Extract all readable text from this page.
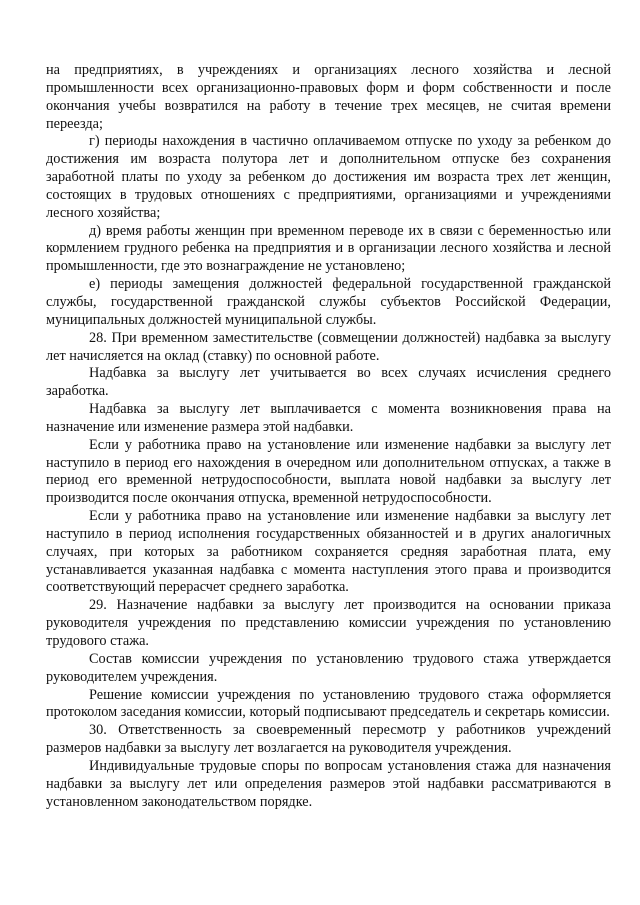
на предприятиях, в учреждениях и организациях лесного хозяйства и лесной промышленности всех организационно-правовых форм и форм собственности и после окончания учебы возвратился на работу в течение трех месяцев, не считая времени переезда;

г) периоды нахождения в частично оплачиваемом отпуске по уходу за ребенком до достижения им возраста полутора лет и дополнительном отпуске без сохранения заработной платы по уходу за ребенком до достижения им возраста трех лет женщин, состоящих в трудовых отношениях с предприятиями, организациями и учреждениями лесного хозяйства;

д) время работы женщин при временном переводе их в связи с беременностью или кормлением грудного ребенка на предприятия и в организации лесного хозяйства и лесной промышленности, где это вознаграждение не установлено;

е) периоды замещения должностей федеральной государственной гражданской службы, государственной гражданской службы субъектов Российской Федерации, муниципальных должностей муниципальной службы.

28. При временном заместительстве (совмещении должностей) надбавка за выслугу лет начисляется на оклад (ставку) по основной работе.

Надбавка за выслугу лет учитывается во всех случаях исчисления среднего заработка.

Надбавка за выслугу лет выплачивается с момента возникновения права на назначение или изменение размера этой надбавки.

Если у работника право на установление или изменение надбавки за выслугу лет наступило в период его нахождения в очередном или дополнительном отпусках, а также в период его временной нетрудоспособности, выплата новой надбавки за выслугу лет производится после окончания отпуска, временной нетрудоспособности.

Если у работника право на установление или изменение надбавки за выслугу лет наступило в период исполнения государственных обязанностей и в других аналогичных случаях, при которых за работником сохраняется средняя заработная плата, ему устанавливается указанная надбавка с момента наступления этого права и производится соответствующий перерасчет среднего заработка.

29. Назначение надбавки за выслугу лет производится на основании приказа руководителя учреждения по представлению комиссии учреждения по установлению трудового стажа.

Состав комиссии учреждения по установлению трудового стажа утверждается руководителем учреждения.

Решение комиссии учреждения по установлению трудового стажа оформляется протоколом заседания комиссии, который подписывают председатель и секретарь комиссии.

30. Ответственность за своевременный пересмотр у работников учреждений размеров надбавки за выслугу лет возлагается на руководителя учреждения.

Индивидуальные трудовые споры по вопросам установления стажа для назначения надбавки за выслугу лет или определения размеров этой надбавки рассматриваются в установленном законодательством порядке.
